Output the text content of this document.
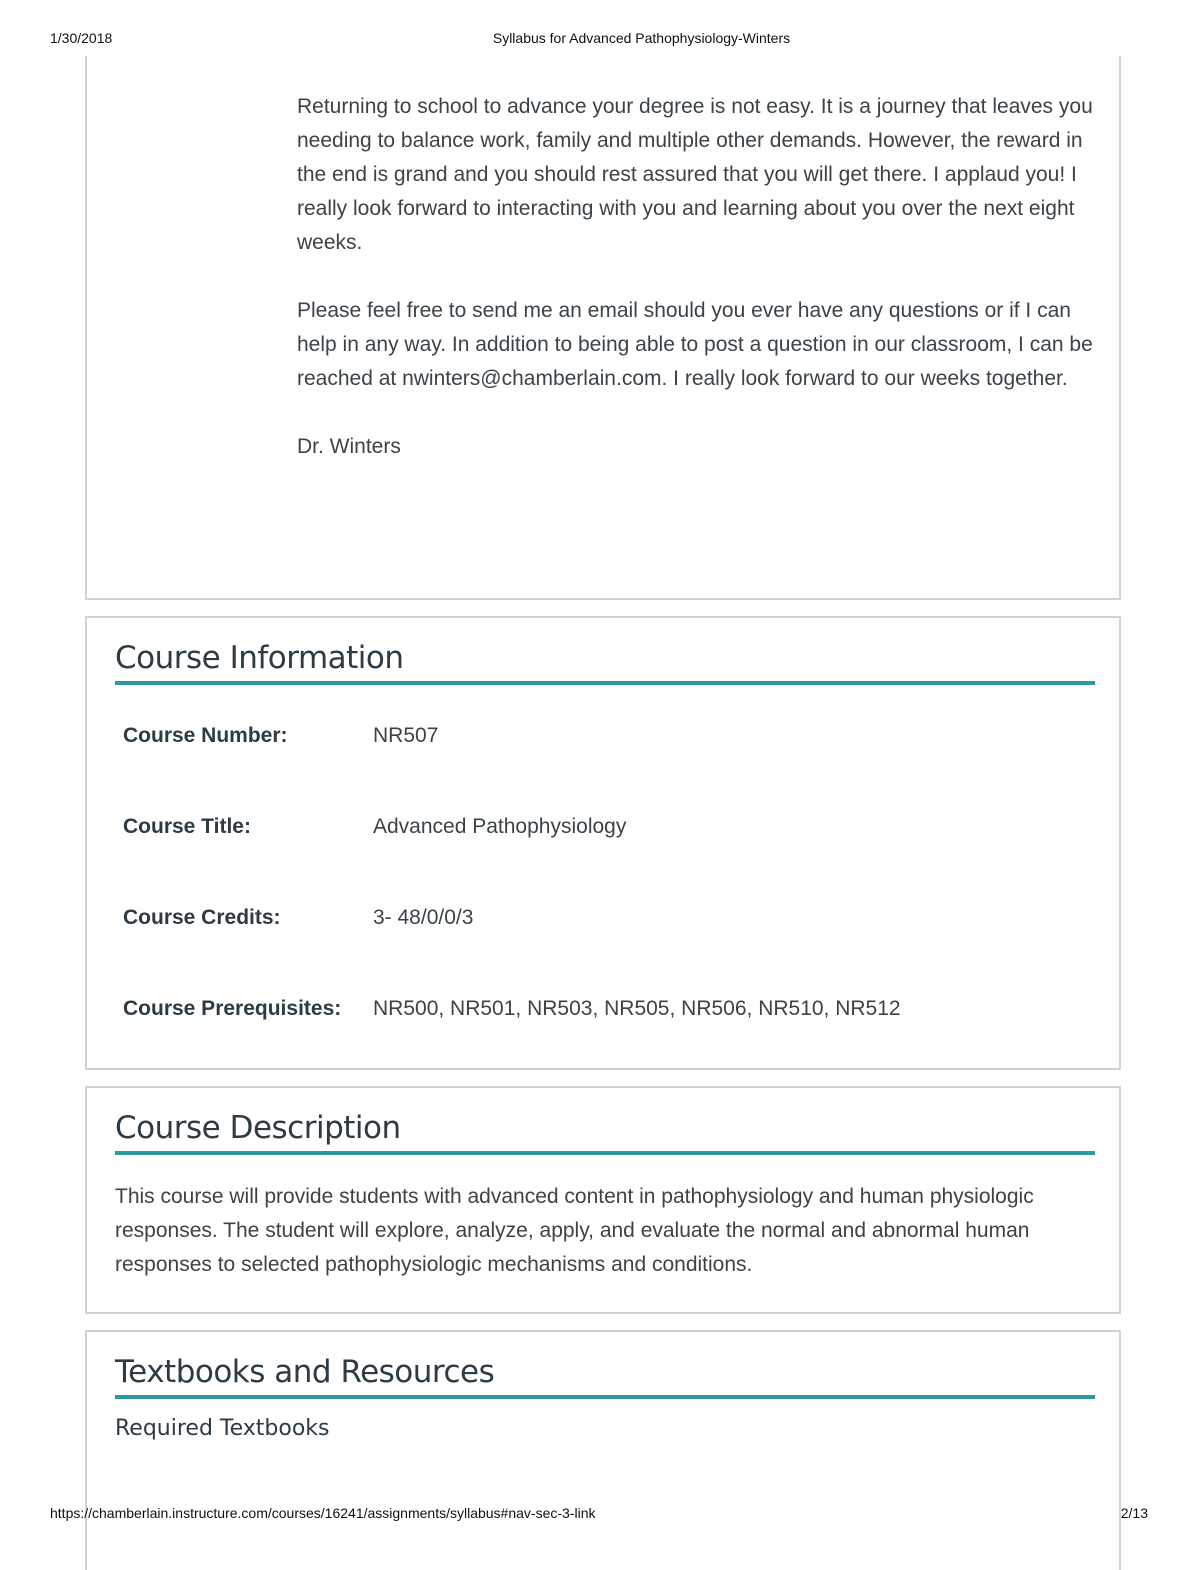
1/30/2018	Syllabus for Advanced Pathophysiology-Winters

Returning to school to advance your degree is not easy. It is a journey that leaves you needing to balance work, family and multiple other demands. However, the reward in the end is grand and you should rest assured that you will get there. I applaud you! I really look forward to interacting with you and learning about you over the next eight weeks.

Please feel free to send me an email should you ever have any questions or if I can help in any way. In addition to being able to post a question in our classroom, I can be reached at nwinters@chamberlain.com. I really look forward to our weeks together.

Dr. Winters

Course Information
Course Number:	NR507
Course Title:	Advanced Pathophysiology
Course Credits:	3- 48/0/0/3
Course Prerequisites: NR500, NR501, NR503, NR505, NR506, NR510, NR512
Course Description
This course will provide students with advanced content in pathophysiology and human physiologic responses. The student will explore, analyze, apply, and evaluate the normal and abnormal human responses to selected pathophysiologic mechanisms and conditions.
Textbooks and Resources
Required Textbooks
https://chamberlain.instructure.com/courses/16241/assignments/syllabus#nav-sec-3-link	2/13
